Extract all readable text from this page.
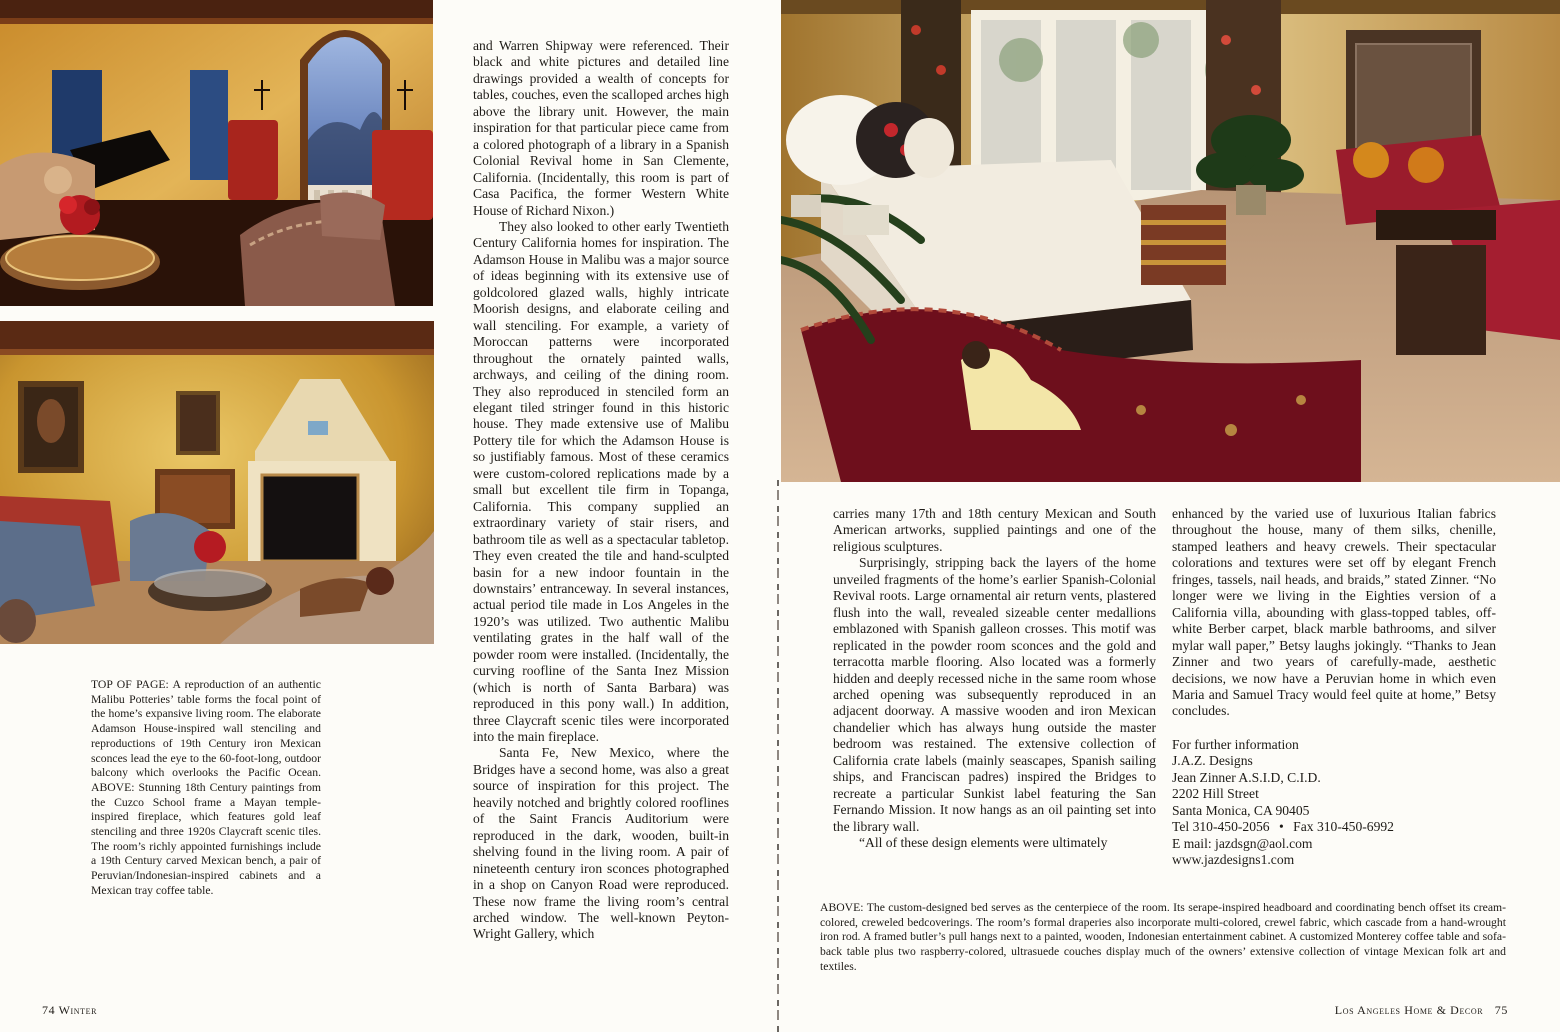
and Warren Shipway were referenced. Their black and white pictures and detailed line drawings provided a wealth of concepts for tables, couches, even the scalloped arches high above the library unit. However, the main inspiration for that particular piece came from a colored photograph of a library in a Spanish Colonial Revival home in San Clemente, California. (Incidentally, this room is part of Casa Pacifica, the former Western White House of Richard Nixon.)

They also looked to other early Twentieth Century California homes for inspiration. The Adamson House in Malibu was a major source of ideas beginning with its extensive use of goldcolored glazed walls, highly intricate Moorish designs, and elaborate ceiling and wall stenciling. For example, a variety of Moroccan patterns were incorporated throughout the ornately painted walls, archways, and ceiling of the dining room. They also reproduced in stenciled form an elegant tiled stringer found in this historic house. They made extensive use of Malibu Pottery tile for which the Adamson House is so justifiably famous. Most of these ceramics were custom-colored replications made by a small but excellent tile firm in Topanga, California. This company supplied an extraordinary variety of stair risers, and bathroom tile as well as a spectacular tabletop. They even created the tile and hand-sculpted basin for a new indoor fountain in the downstairs’ entranceway. In several instances, actual period tile made in Los Angeles in the 1920’s was utilized. Two authentic Malibu ventilating grates in the half wall of the powder room were installed. (Incidentally, the curving roofline of the Santa Inez Mission (which is north of Santa Barbara) was reproduced in this pony wall.) In addition, three Claycraft scenic tiles were incorporated into the main fireplace.

Santa Fe, New Mexico, where the Bridges have a second home, was also a great source of inspiration for this project. The heavily notched and brightly colored rooflines of the Saint Francis Auditorium were reproduced in the dark, wooden, built-in shelving found in the living room. A pair of nineteenth century iron sconces photographed in a shop on Canyon Road were reproduced. These now frame the living room’s central arched window. The well-known Peyton-Wright Gallery, which

TOP OF PAGE: A reproduction of an authentic Malibu Potteries’ table forms the focal point of the home’s expansive living room. The elaborate Adamson House-inspired wall stenciling and reproductions of 19th Century iron Mexican sconces lead the eye to the 60-foot-long, outdoor balcony which overlooks the Pacific Ocean. ABOVE: Stunning 18th Century paintings from the Cuzco School frame a Mayan temple-inspired fireplace, which features gold leaf stenciling and three 1920s Claycraft scenic tiles. The room’s richly appointed furnishings include a 19th Century carved Mexican bench, a pair of Peruvian/Indonesian-inspired cabinets and a Mexican tray coffee table.

74 Winter

carries many 17th and 18th century Mexican and South American artworks, supplied paintings and one of the religious sculptures.

Surprisingly, stripping back the layers of the home unveiled fragments of the home’s earlier Spanish-Colonial Revival roots. Large ornamental air return vents, plastered flush into the wall, revealed sizeable center medallions emblazoned with Spanish galleon crosses. This motif was replicated in the powder room sconces and the gold and terracotta marble flooring. Also located was a formerly hidden and deeply recessed niche in the same room whose arched opening was subsequently reproduced in an adjacent doorway. A massive wooden and iron Mexican chandelier which has always hung outside the master bedroom was restained. The extensive collection of California crate labels (mainly seascapes, Spanish sailing ships, and Franciscan padres) inspired the Bridges to recreate a particular Sunkist label featuring the San Fernando Mission. It now hangs as an oil painting set into the library wall.

“All of these design elements were ultimately

enhanced by the varied use of luxurious Italian fabrics throughout the house, many of them silks, chenille, stamped leathers and heavy crewels. Their spectacular colorations and textures were set off by elegant French fringes, tassels, nail heads, and braids,” stated Zinner. “No longer were we living in the Eighties version of a California villa, abounding with glass-topped tables, off-white Berber carpet, black marble bathrooms, and silver mylar wall paper,” Betsy laughs jokingly. “Thanks to Jean Zinner and two years of carefully-made, aesthetic decisions, we now have a Peruvian home in which even Maria and Samuel Tracy would feel quite at home,” Betsy concludes.

For further information
J.A.Z. Designs
Jean Zinner A.S.I.D, C.I.D.
2202 Hill Street
Santa Monica, CA 90405
Tel 310-450-2056 • Fax 310-450-6992
E mail: jazdsgn@aol.com
www.jazdesigns1.com

ABOVE: The custom-designed bed serves as the centerpiece of the room. Its serape-inspired headboard and coordinating bench offset its cream-colored, creweled bedcoverings. The room’s formal draperies also incorporate multi-colored, crewel fabric, which cascade from a hand-wrought iron rod. A framed butler’s pull hangs next to a painted, wooden, Indonesian entertainment cabinet. A customized Monterey coffee table and sofa-back table plus two raspberry-colored, ultrasuede couches display much of the owners’ extensive collection of vintage Mexican folk art and textiles.

Los Angeles Home & Decor 75
